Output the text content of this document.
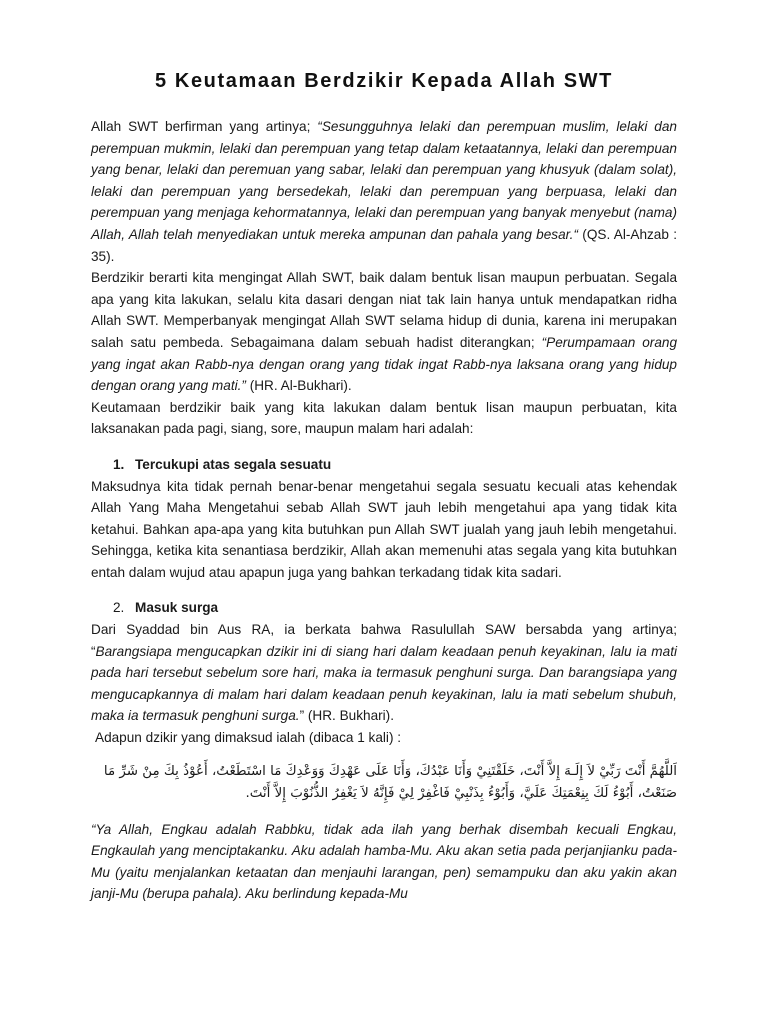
5 Keutamaan Berdzikir Kepada Allah SWT

Allah SWT berfirman yang artinya; “Sesungguhnya lelaki dan perempuan muslim, lelaki dan perempuan mukmin, lelaki dan perempuan yang tetap dalam ketaatannya, lelaki dan perempuan yang benar, lelaki dan peremuan yang sabar, lelaki dan perempuan yang khusyuk (dalam solat), lelaki dan perempuan yang bersedekah, lelaki dan perempuan yang berpuasa, lelaki dan perempuan yang menjaga kehormatannya, lelaki dan perempuan yang banyak menyebut (nama) Allah, Allah telah menyediakan untuk mereka ampunan dan pahala yang besar.“ (QS. Al-Ahzab : 35).

Berdzikir berarti kita mengingat Allah SWT, baik dalam bentuk lisan maupun perbuatan. Segala apa yang kita lakukan, selalu kita dasari dengan niat tak lain hanya untuk mendapatkan ridha Allah SWT. Memperbanyak mengingat Allah SWT selama hidup di dunia, karena ini merupakan salah satu pembeda. Sebagaimana dalam sebuah hadist diterangkan; “Perumpamaan orang yang ingat akan Rabb-nya dengan orang yang tidak ingat Rabb-nya laksana orang yang hidup dengan orang yang mati.” (HR. Al-Bukhari).

Keutamaan berdzikir baik yang kita lakukan dalam bentuk lisan maupun perbuatan, kita laksanakan pada pagi, siang, sore, maupun malam hari adalah:

1. Tercukupi atas segala sesuatu

Maksudnya kita tidak pernah benar-benar mengetahui segala sesuatu kecuali atas kehendak Allah Yang Maha Mengetahui sebab Allah SWT jauh lebih mengetahui apa yang tidak kita ketahui. Bahkan apa-apa yang kita butuhkan pun Allah SWT jualah yang jauh lebih mengetahui. Sehingga, ketika kita senantiasa berdzikir, Allah akan memenuhi atas segala yang kita butuhkan entah dalam wujud atau apapun juga yang bahkan terkadang tidak kita sadari.

2. Masuk surga

Dari Syaddad bin Aus RA, ia berkata bahwa Rasulullah SAW bersabda yang artinya; “Barangsiapa mengucapkan dzikir ini di siang hari dalam keadaan penuh keyakinan, lalu ia mati pada hari tersebut sebelum sore hari, maka ia termasuk penghuni surga. Dan barangsiapa yang mengucapkannya di malam hari dalam keadaan penuh keyakinan, lalu ia mati sebelum shubuh, maka ia termasuk penghuni surga.” (HR. Bukhari).

Adapun dzikir yang dimaksud ialah (dibaca 1 kali) :

اَللَّهُمَّ أَنْتَ رَبِّيْ لاَ إِلَـهَ إِلاَّ أَنْتَ، خَلَقْتَنِيْ وَأَنَا عَبْدُكَ، وَأَنَا عَلَى عَهْدِكَ وَوَعْدِكَ مَا اسْتَطَعْتُ، أَعُوْذُ بِكَ مِنْ شَرِّ مَا صَنَعْتُ، أَبُوْءُ لَكَ بِنِعْمَتِكَ عَلَيَّ، وَأَبُوْءُ بِذَنْبِيْ فَاغْفِرْ لِيْ فَإِنَّهُ لاَ يَغْفِرُ الذُّنُوْبَ إِلاَّ أَنْتَ.

“Ya Allah, Engkau adalah Rabbku, tidak ada ilah yang berhak disembah kecuali Engkau, Engkaulah yang menciptakanku. Aku adalah hamba-Mu. Aku akan setia pada perjanjianku pada-Mu (yaitu menjalankan ketaatan dan menjauhi larangan, pen) semampuku dan aku yakin akan janji-Mu (berupa pahala). Aku berlindung kepada-Mu
